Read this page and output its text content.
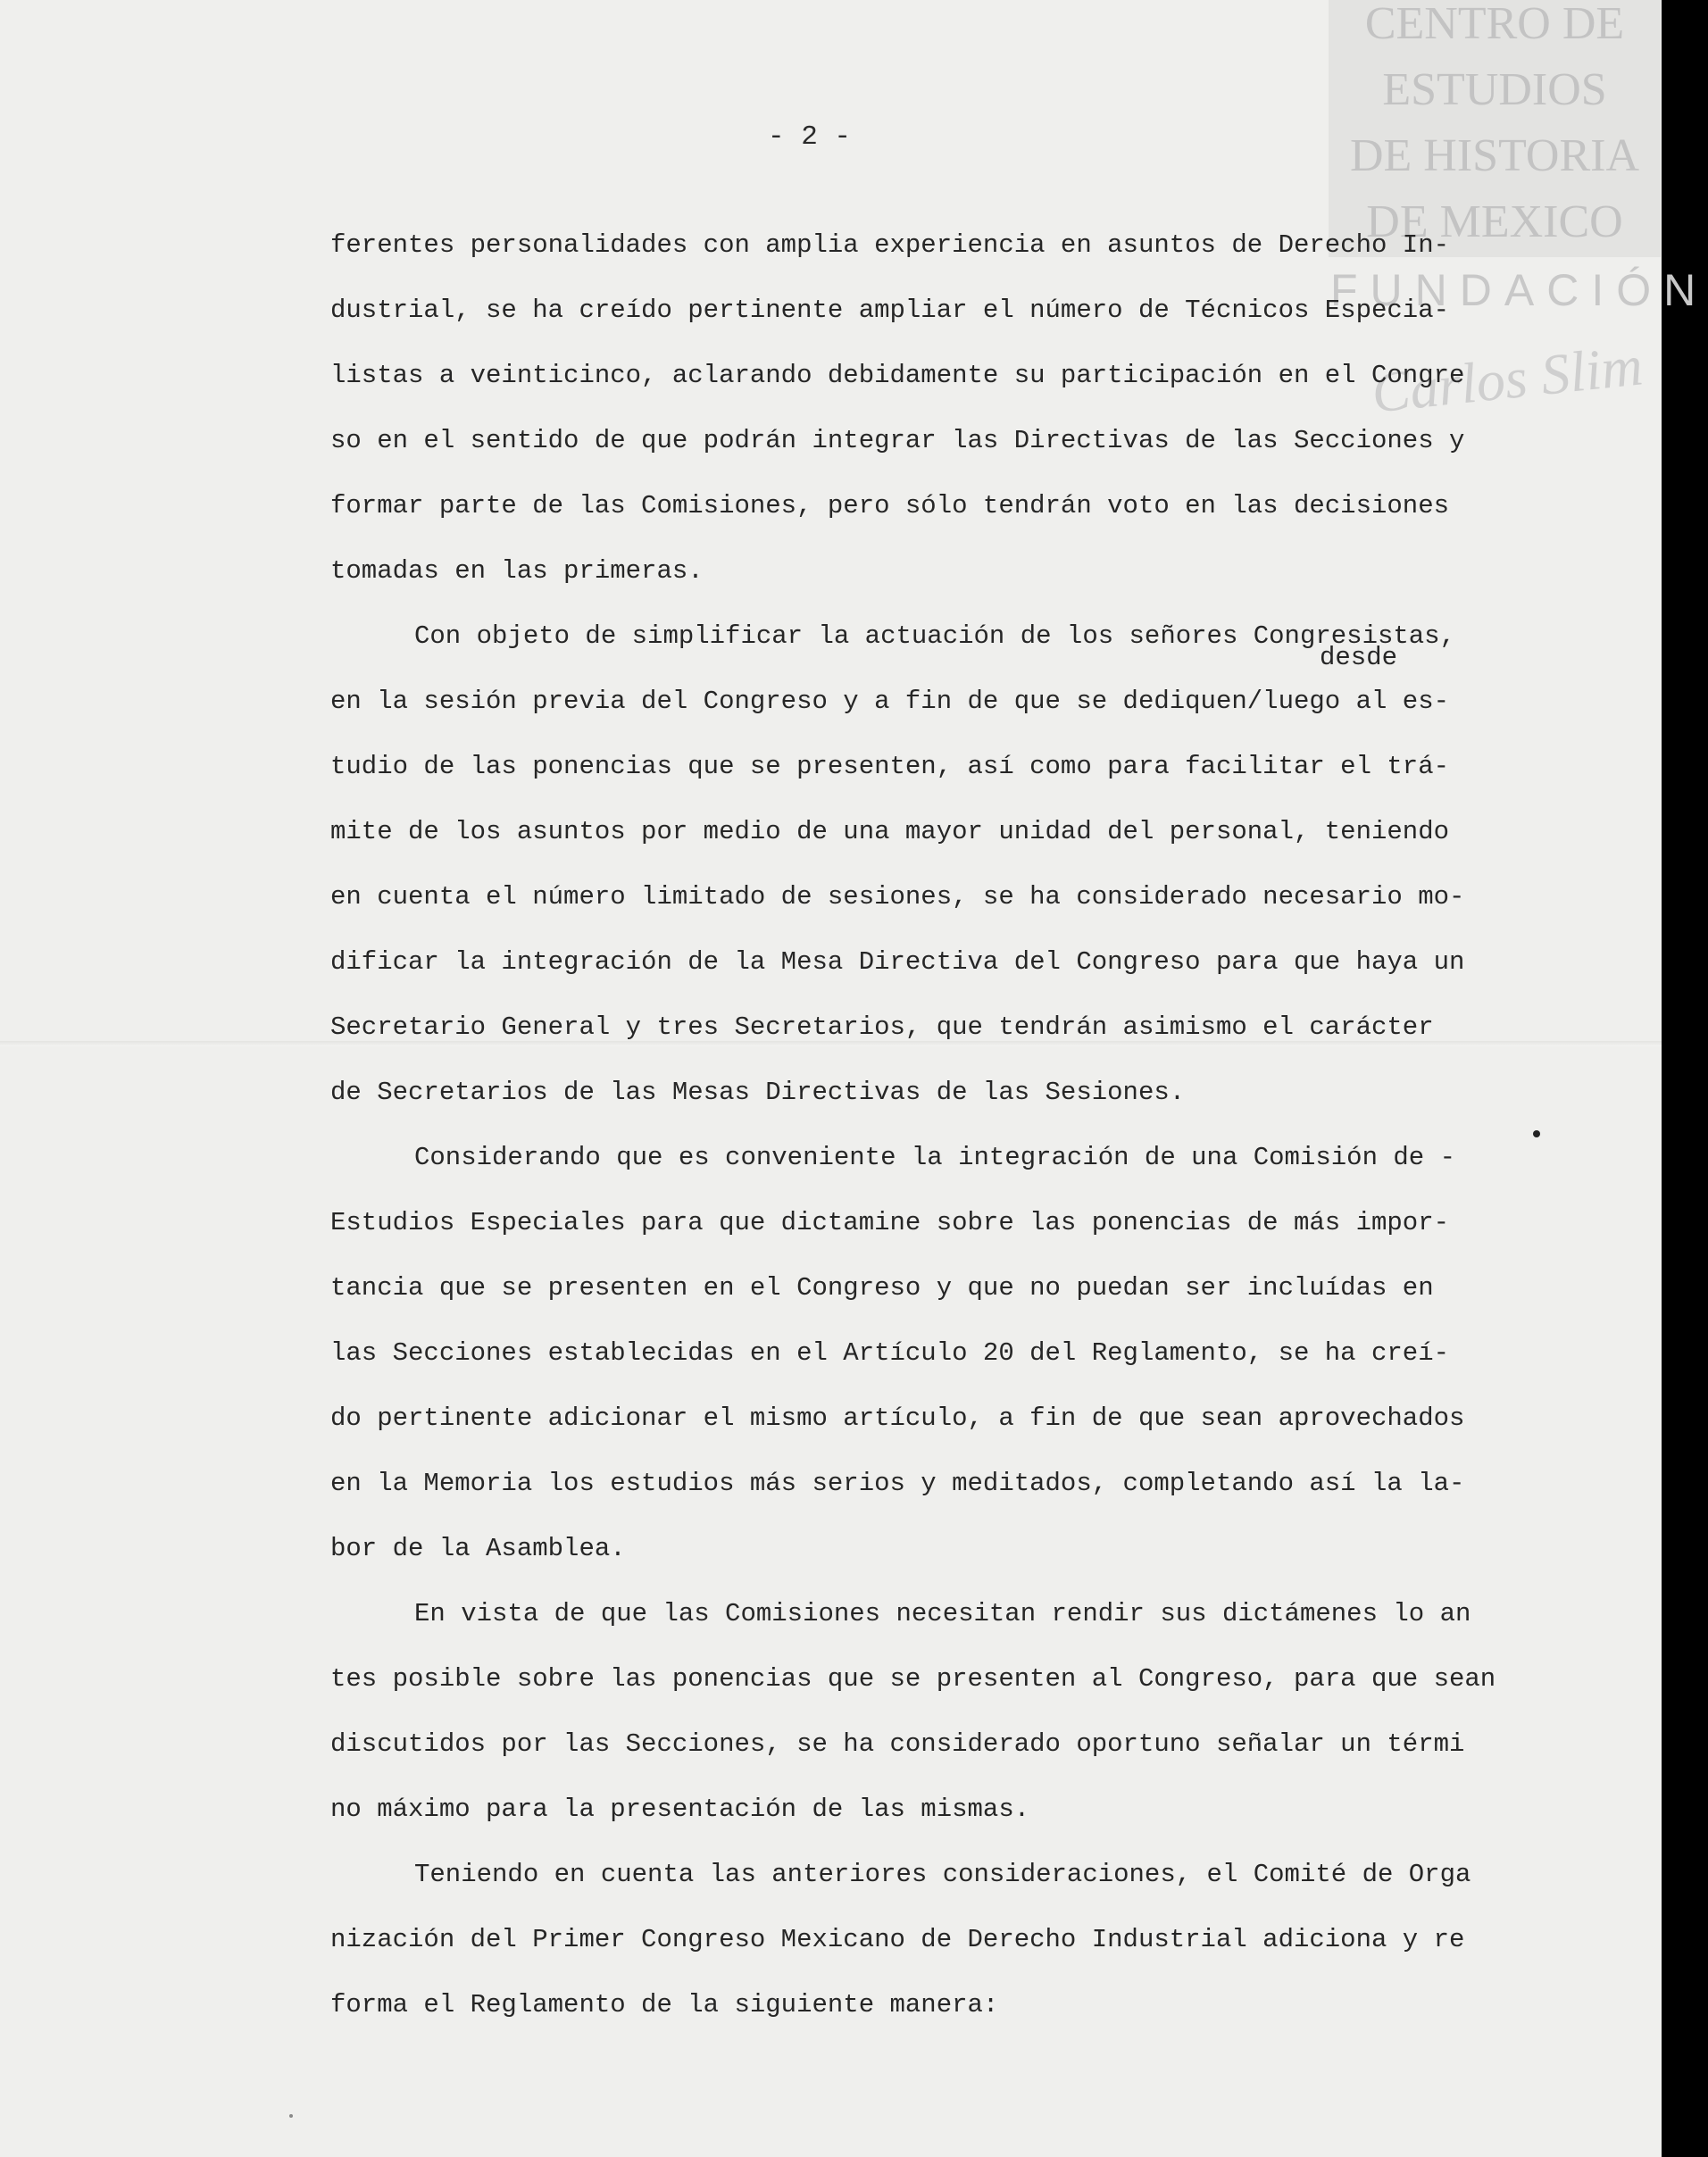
CENTRO DE
ESTUDIOS
DE HISTORIA
DE MEXICO
FUNDACIÓN
Carlos Slim
- 2 -
desde
ferentes personalidades con amplia experiencia en asuntos de Derecho In-
dustrial, se ha creído pertinente ampliar el número de Técnicos Especia-
listas a veinticinco, aclarando debidamente su participación en el Congre
so en el sentido de que podrán integrar las Directivas de las Secciones y
formar parte de las Comisiones, pero sólo tendrán voto en las decisiones
tomadas en las primeras.
Con objeto de simplificar la actuación de los señores Congresistas,
en la sesión previa del Congreso y a fin de que se dediquen/luego al es-
tudio de las ponencias que se presenten, así como para facilitar el trá-
mite de los asuntos por medio de una mayor unidad del personal, teniendo
en cuenta el número limitado de sesiones, se ha considerado necesario mo-
dificar la integración de la Mesa Directiva del Congreso para que haya un
Secretario General y tres Secretarios, que tendrán asimismo el carácter
de Secretarios de las Mesas Directivas de las Sesiones.
Considerando que es conveniente la integración de una Comisión de -
Estudios Especiales para que dictamine sobre las ponencias de más impor-
tancia que se presenten en el Congreso y que no puedan ser incluídas en
las Secciones establecidas en el Artículo 20 del Reglamento, se ha creí-
do pertinente adicionar el mismo artículo, a fin de que sean aprovechados
en la Memoria los estudios más serios y meditados, completando así la la-
bor de la Asamblea.
En vista de que las Comisiones necesitan rendir sus dictámenes lo an
tes posible sobre las ponencias que se presenten al Congreso, para que sean
discutidos por las Secciones, se ha considerado oportuno señalar un térmi
no máximo para la presentación de las mismas.
Teniendo en cuenta las anteriores consideraciones, el Comité de Orga
nización del Primer Congreso Mexicano de Derecho Industrial adiciona y re
forma el Reglamento de la siguiente manera:
